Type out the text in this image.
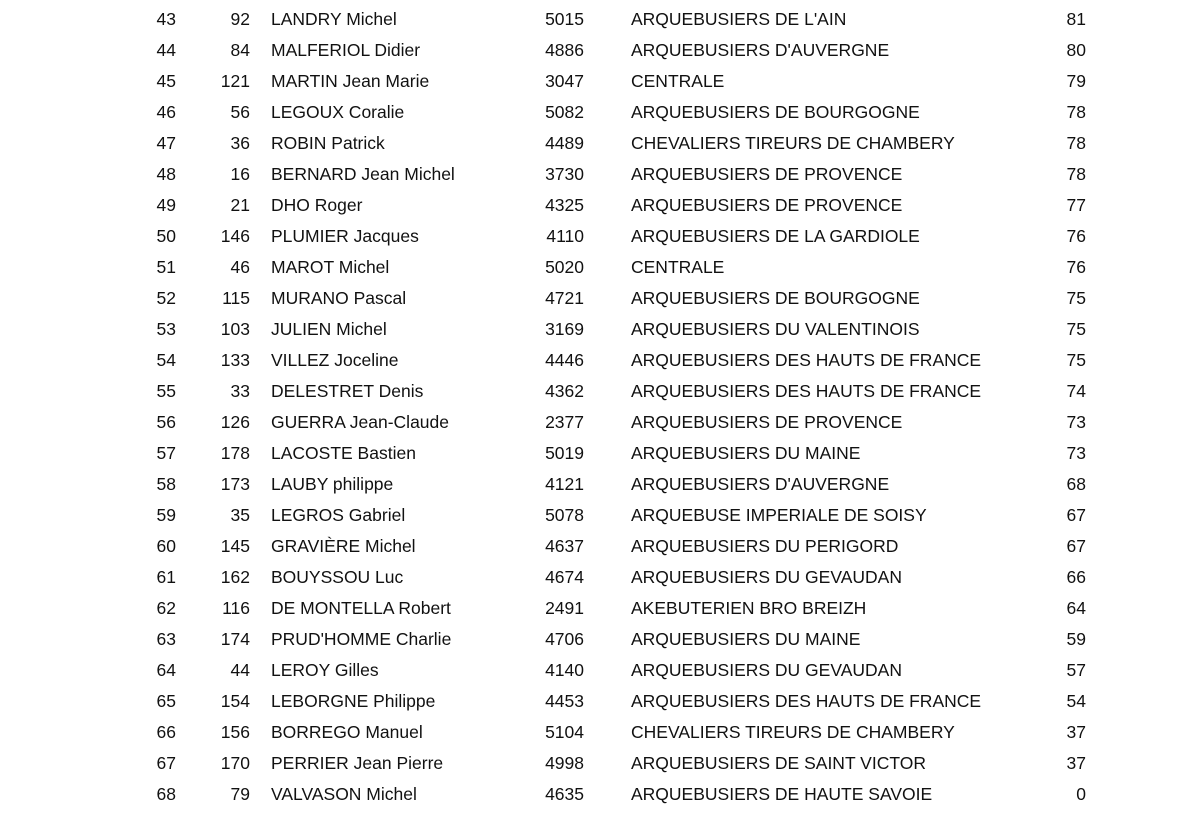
43	92 LANDRY Michel	5015	ARQUEBUSIERS DE L'AIN	81
44	84 MALFERIOL Didier	4886	ARQUEBUSIERS D'AUVERGNE	80
45	121 MARTIN Jean Marie	3047	CENTRALE	79
46	56 LEGOUX Coralie	5082	ARQUEBUSIERS DE BOURGOGNE	78
47	36 ROBIN Patrick	4489	CHEVALIERS TIREURS DE CHAMBERY	78
48	16 BERNARD Jean Michel	3730	ARQUEBUSIERS DE PROVENCE	78
49	21 DHO Roger	4325	ARQUEBUSIERS DE PROVENCE	77
50	146 PLUMIER Jacques	4110	ARQUEBUSIERS DE LA GARDIOLE	76
51	46 MAROT Michel	5020	CENTRALE	76
52	115 MURANO Pascal	4721	ARQUEBUSIERS DE BOURGOGNE	75
53	103 JULIEN Michel	3169	ARQUEBUSIERS DU VALENTINOIS	75
54	133 VILLEZ Joceline	4446	ARQUEBUSIERS DES HAUTS DE FRANCE	75
55	33 DELESTRET Denis	4362	ARQUEBUSIERS DES HAUTS DE FRANCE	74
56	126 GUERRA Jean-Claude	2377	ARQUEBUSIERS DE PROVENCE	73
57	178 LACOSTE Bastien	5019	ARQUEBUSIERS DU MAINE	73
58	173 LAUBY philippe	4121	ARQUEBUSIERS D'AUVERGNE	68
59	35 LEGROS Gabriel	5078	ARQUEBUSE IMPERIALE DE SOISY	67
60	145 GRAVIÈRE Michel	4637	ARQUEBUSIERS DU PERIGORD	67
61	162 BOUYSSOU Luc	4674	ARQUEBUSIERS DU GEVAUDAN	66
62	116 DE MONTELLA Robert	2491	AKEBUTERIEN BRO BREIZH	64
63	174 PRUD'HOMME Charlie	4706	ARQUEBUSIERS DU MAINE	59
64	44 LEROY Gilles	4140	ARQUEBUSIERS DU GEVAUDAN	57
65	154 LEBORGNE Philippe	4453	ARQUEBUSIERS DES HAUTS DE FRANCE	54
66	156 BORREGO Manuel	5104	CHEVALIERS TIREURS DE CHAMBERY	37
67	170 PERRIER Jean Pierre	4998	ARQUEBUSIERS DE SAINT VICTOR	37
68	79 VALVASON Michel	4635	ARQUEBUSIERS DE HAUTE SAVOIE	0
